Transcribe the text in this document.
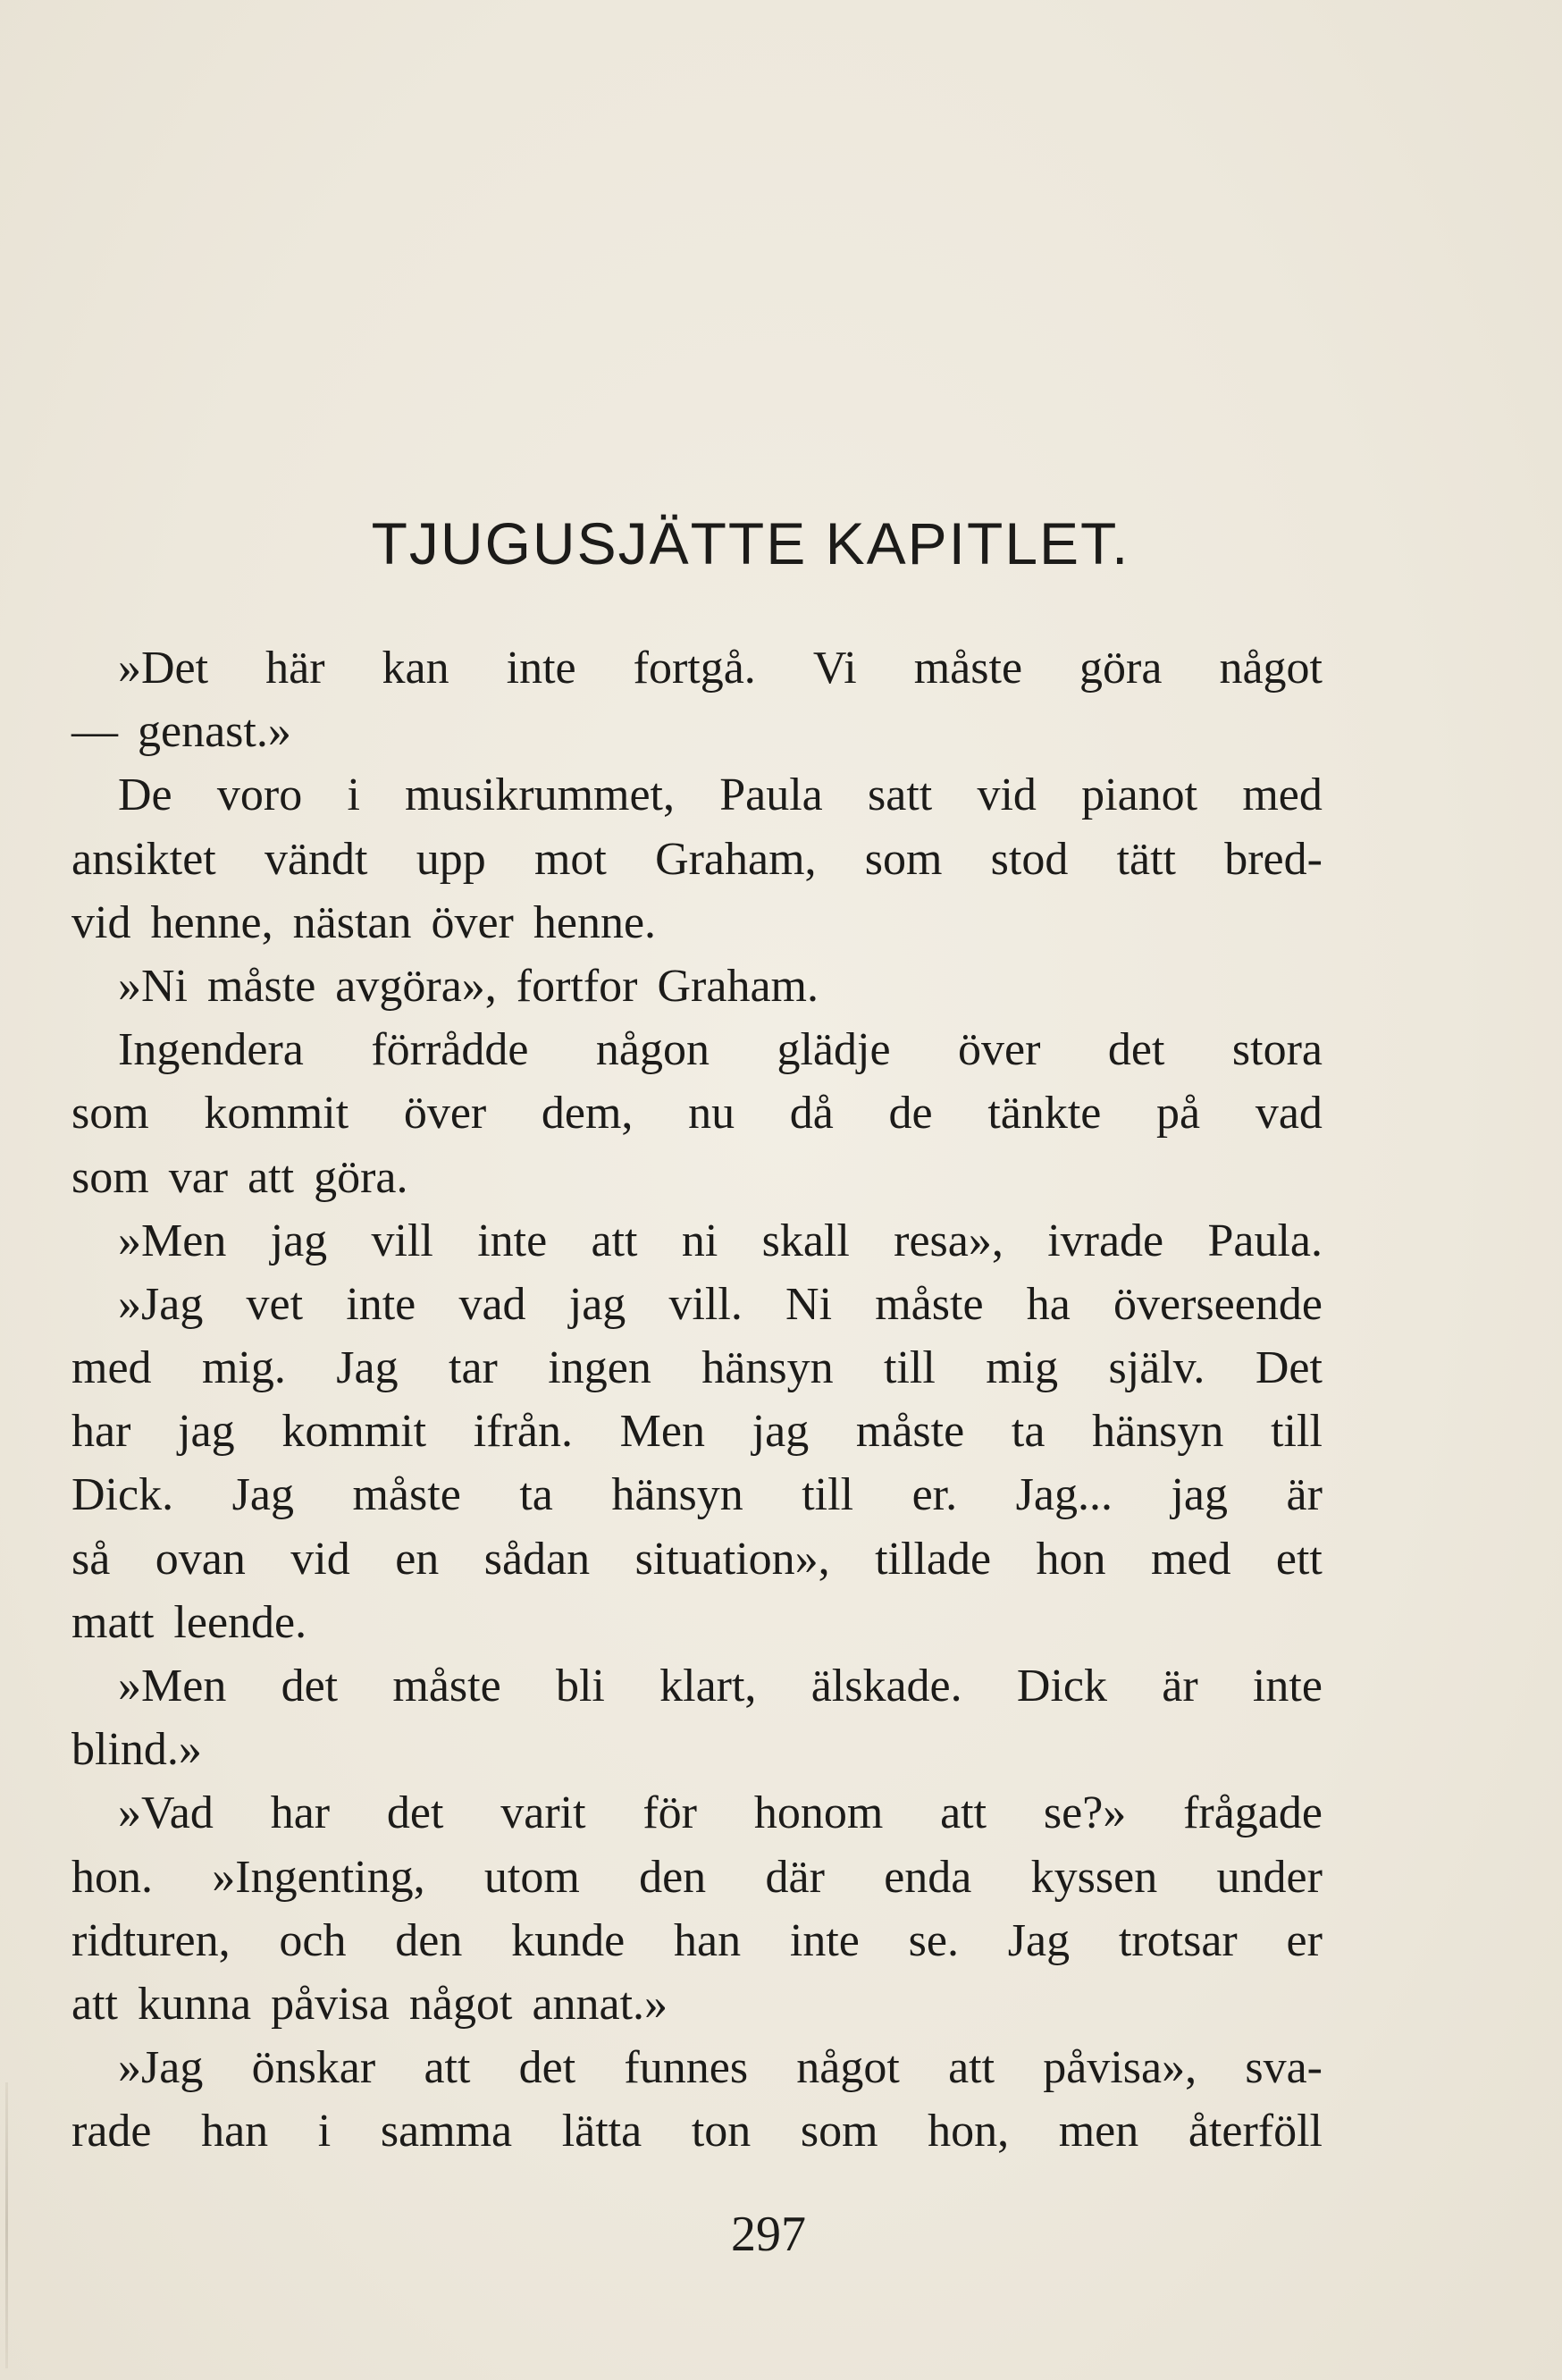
TJUGUSJÄTTE KAPITLET.
»Det här kan inte fortgå. Vi måste göra något
— genast.»
De voro i musikrummet, Paula satt vid pianot med
ansiktet vändt upp mot Graham, som stod tätt bred-
vid henne, nästan över henne.
»Ni måste avgöra», fortfor Graham.
Ingendera förrådde någon glädje över det stora
som kommit över dem, nu då de tänkte på vad
som var att göra.
»Men jag vill inte att ni skall resa», ivrade Paula.
»Jag vet inte vad jag vill. Ni måste ha överseende
med mig. Jag tar ingen hänsyn till mig själv. Det
har jag kommit ifrån. Men jag måste ta hänsyn till
Dick. Jag måste ta hänsyn till er. Jag... jag är
så ovan vid en sådan situation», tillade hon med ett
matt leende.
»Men det måste bli klart, älskade. Dick är inte
blind.»
»Vad har det varit för honom att se?» frågade
hon. »Ingenting, utom den där enda kyssen under
ridturen, och den kunde han inte se. Jag trotsar er
att kunna påvisa något annat.»
»Jag önskar att det funnes något att påvisa», sva-
rade han i samma lätta ton som hon, men återföll
297
